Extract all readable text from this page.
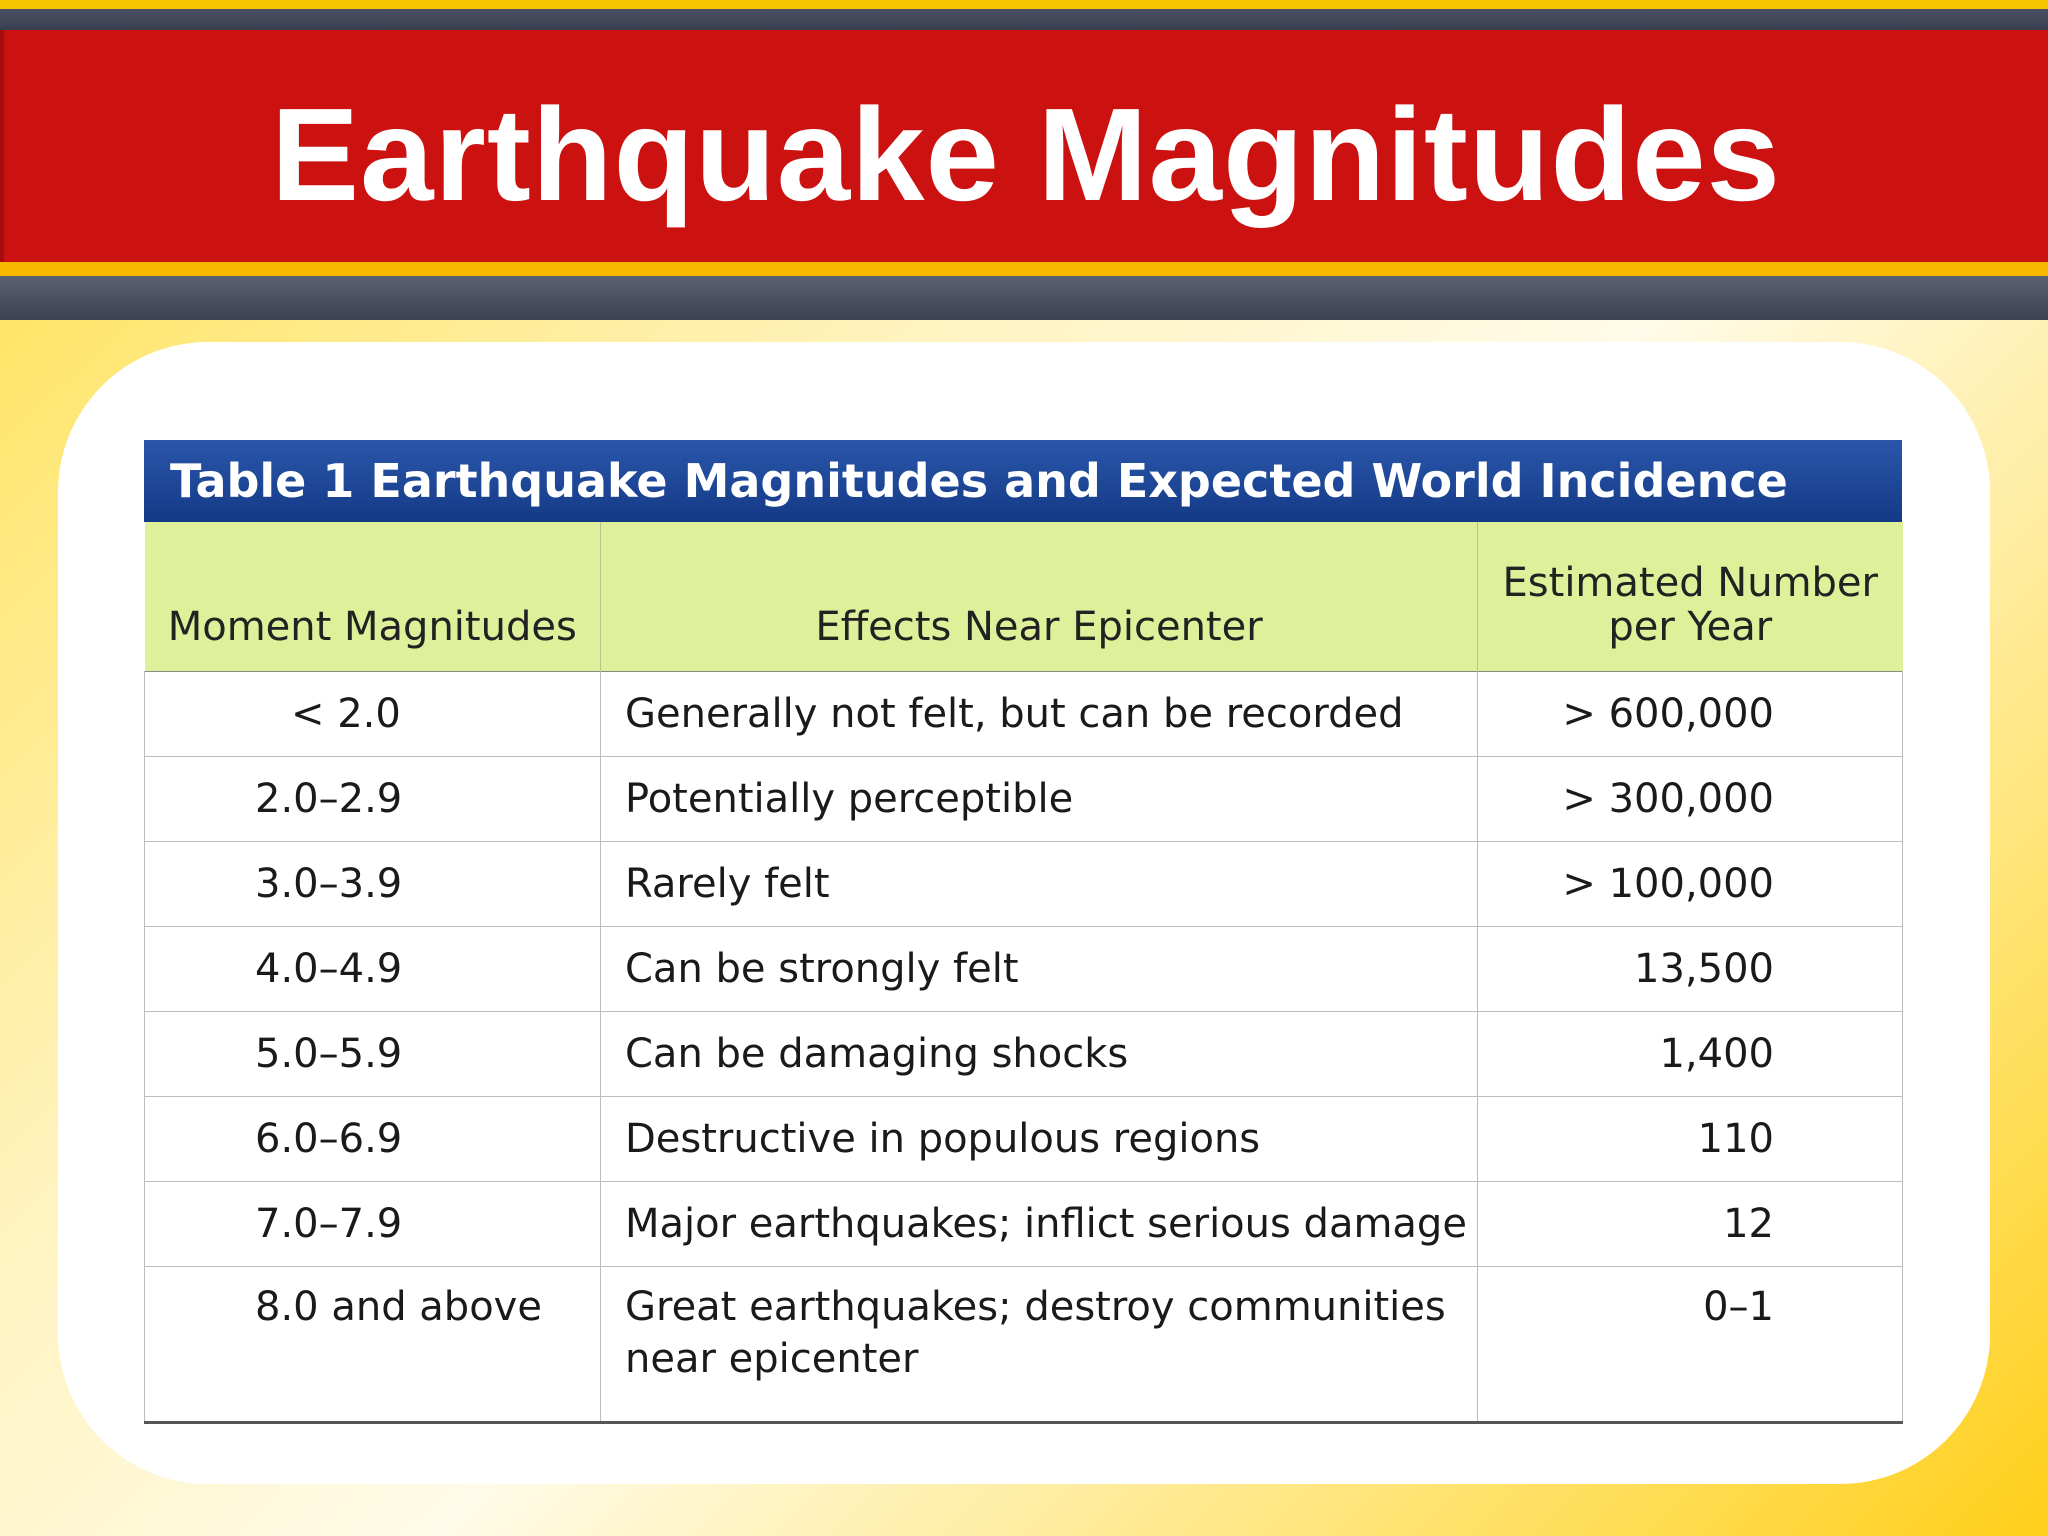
Earthquake Magnitudes
Table 1 Earthquake Magnitudes and Expected World Incidence
Moment Magnitudes	Effects Near Epicenter	Estimated Number per Year
< 2.0	Generally not felt, but can be recorded	> 600,000
2.0–2.9	Potentially perceptible	> 300,000
3.0–3.9	Rarely felt	> 100,000
4.0–4.9	Can be strongly felt	13,500
5.0–5.9	Can be damaging shocks	1,400
6.0–6.9	Destructive in populous regions	110
7.0–7.9	Major earthquakes; inflict serious damage	12
8.0 and above	Great earthquakes; destroy communities near epicenter	0–1
